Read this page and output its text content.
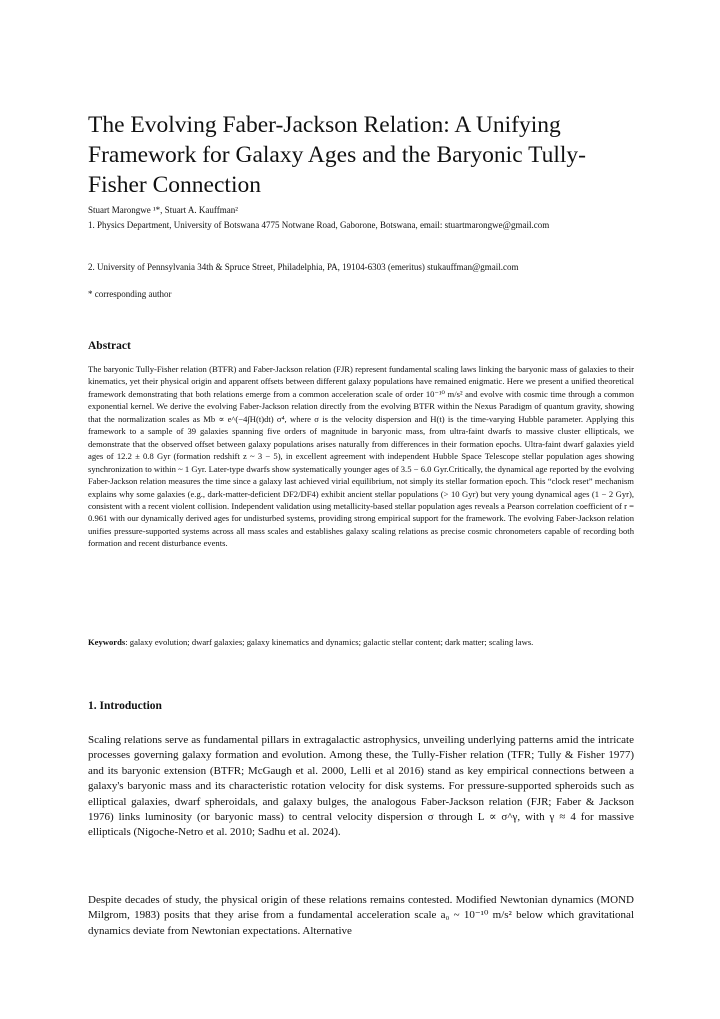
The Evolving Faber-Jackson Relation: A Unifying Framework for Galaxy Ages and the Baryonic Tully-Fisher Connection
Stuart Marongwe ¹*, Stuart A. Kauffman²
1. Physics Department, University of Botswana 4775 Notwane Road, Gaborone, Botswana, email: stuartmarongwe@gmail.com
2. University of Pennsylvania 34th & Spruce Street, Philadelphia, PA, 19104-6303 (emeritus) stukauffman@gmail.com
* corresponding author
Abstract

The baryonic Tully-Fisher relation (BTFR) and Faber-Jackson relation (FJR) represent fundamental scaling laws linking the baryonic mass of galaxies to their kinematics, yet their physical origin and apparent offsets between different galaxy populations have remained enigmatic. Here we present a unified theoretical framework demonstrating that both relations emerge from a common acceleration scale of order 10⁻¹⁰ m/s² and evolve with cosmic time through a common exponential kernel. We derive the evolving Faber-Jackson relation directly from the evolving BTFR within the Nexus Paradigm of quantum gravity, showing that the normalization scales as Mb ∝ e^(−4∫H(t)dt) σ⁴, where σ is the velocity dispersion and H(t) is the time-varying Hubble parameter. Applying this framework to a sample of 39 galaxies spanning five orders of magnitude in baryonic mass, from ultra-faint dwarfs to massive cluster ellipticals, we demonstrate that the observed offset between galaxy populations arises naturally from differences in their formation epochs. Ultra-faint dwarf galaxies yield ages of 12.2 ± 0.8 Gyr (formation redshift z ~ 3 − 5), in excellent agreement with independent Hubble Space Telescope stellar population ages showing synchronization to within ~ 1 Gyr. Later-type dwarfs show systematically younger ages of 3.5 − 6.0 Gyr.Critically, the dynamical age reported by the evolving Faber-Jackson relation measures the time since a galaxy last achieved virial equilibrium, not simply its stellar formation epoch. This “clock reset” mechanism explains why some galaxies (e.g., dark-matter-deficient DF2/DF4) exhibit ancient stellar populations (> 10 Gyr) but very young dynamical ages (1 − 2 Gyr), consistent with a recent violent collision. Independent validation using metallicity-based stellar population ages reveals a Pearson correlation coefficient of r = 0.961 with our dynamically derived ages for undisturbed systems, providing strong empirical support for the framework. The evolving Faber-Jackson relation unifies pressure-supported systems across all mass scales and establishes galaxy scaling relations as precise cosmic chronometers capable of recording both formation and recent disturbance events.

Keywords: galaxy evolution; dwarf galaxies; galaxy kinematics and dynamics; galactic stellar content; dark matter; scaling laws.
1. Introduction

Scaling relations serve as fundamental pillars in extragalactic astrophysics, unveiling underlying patterns amid the intricate processes governing galaxy formation and evolution. Among these, the Tully-Fisher relation (TFR; Tully & Fisher 1977) and its baryonic extension (BTFR; McGaugh et al. 2000, Lelli et al 2016) stand as key empirical connections between a galaxy's baryonic mass and its characteristic rotation velocity for disk systems. For pressure-supported spheroids such as elliptical galaxies, dwarf spheroidals, and galaxy bulges, the analogous Faber-Jackson relation (FJR; Faber & Jackson 1976) links luminosity (or baryonic mass) to central velocity dispersion σ through L ∝ σ^γ, with γ ≈ 4 for massive ellipticals (Nigoche-Netro et al. 2010; Sadhu et al. 2024).

Despite decades of study, the physical origin of these relations remains contested. Modified Newtonian dynamics (MOND Milgrom, 1983) posits that they arise from a fundamental acceleration scale a₀ ~ 10⁻¹⁰ m/s² below which gravitational dynamics deviate from Newtonian expectations. Alternative
